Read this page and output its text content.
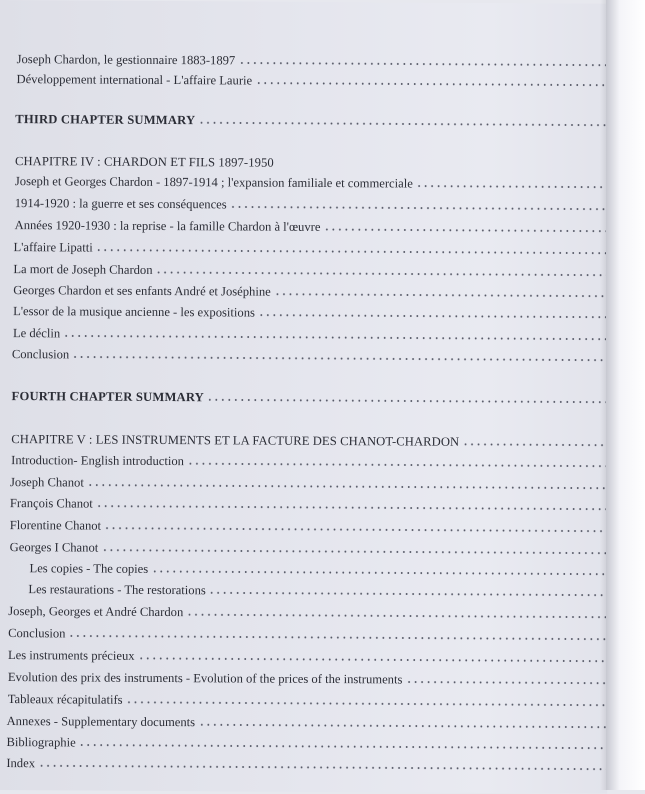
Joseph Chardon, le gestionnaire 1883-1897
Développement international - L'affaire Laurie
THIRD CHAPTER SUMMARY
CHAPITRE IV : CHARDON ET FILS 1897-1950
Joseph et Georges Chardon - 1897-1914 ; l'expansion familiale et commerciale
1914-1920 : la guerre et ses conséquences
Années 1920-1930 : la reprise - la famille Chardon à l'œuvre
L'affaire Lipatti
La mort de Joseph Chardon
Georges Chardon et ses enfants André et Joséphine
L'essor de la musique ancienne - les expositions
Le déclin
Conclusion
FOURTH CHAPTER SUMMARY
CHAPITRE V : LES INSTRUMENTS ET LA FACTURE DES CHANOT-CHARDON
Introduction- English introduction
Joseph Chanot
François Chanot
Florentine Chanot
Georges I Chanot
Les copies - The copies
Les restaurations - The restorations
Joseph, Georges et André Chardon
Conclusion
Les instruments précieux
Evolution des prix des instruments - Evolution of the prices of the instruments
Tableaux récapitulatifs
Annexes - Supplementary documents
Bibliographie
Index
